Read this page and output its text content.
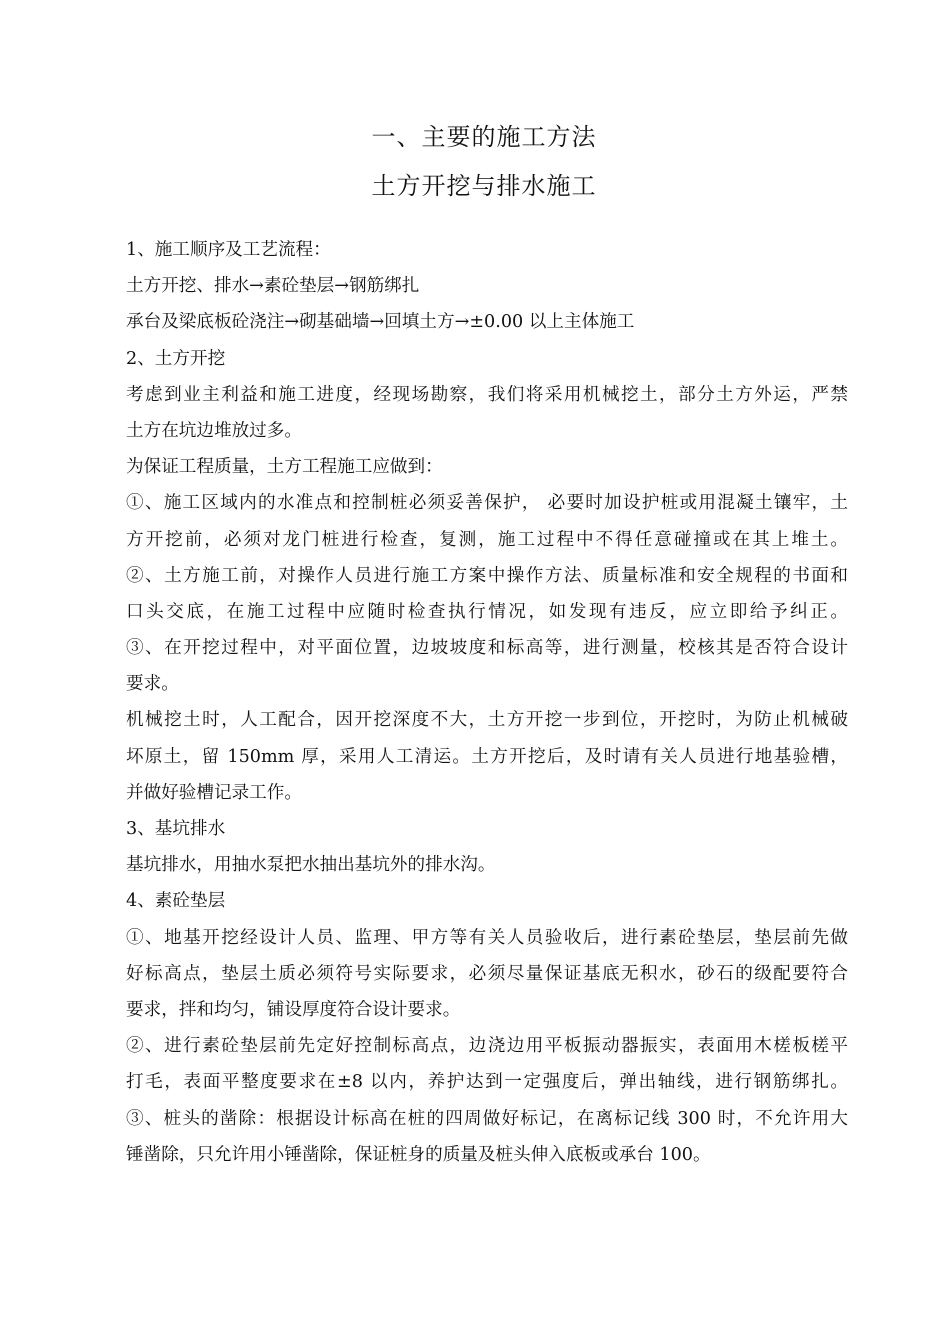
一、主要的施工方法
土方开挖与排水施工
1、施工顺序及工艺流程：
土方开挖、排水→素砼垫层→钢筋绑扎
承台及梁底板砼浇注→砌基础墙→回填土方→±0.00 以上主体施工
2、土方开挖
考虑到业主利益和施工进度，经现场勘察，我们将采用机械挖土，部分土方外运，严禁
土方在坑边堆放过多。
为保证工程质量，土方工程施工应做到：
①、施工区域内的水准点和控制桩必须妥善保护， 必要时加设护桩或用混凝土镶牢，土
方开挖前，必须对龙门桩进行检查，复测，施工过程中不得任意碰撞或在其上堆土。
②、土方施工前，对操作人员进行施工方案中操作方法、质量标准和安全规程的书面和
口头交底，在施工过程中应随时检查执行情况，如发现有违反，应立即给予纠正。
③、在开挖过程中，对平面位置，边坡坡度和标高等，进行测量，校核其是否符合设计
要求。
机械挖土时，人工配合，因开挖深度不大，土方开挖一步到位，开挖时，为防止机械破
坏原土，留 150mm 厚，采用人工清运。土方开挖后，及时请有关人员进行地基验槽，
并做好验槽记录工作。
3、基坑排水
基坑排水，用抽水泵把水抽出基坑外的排水沟。
4、素砼垫层
①、地基开挖经设计人员、监理、甲方等有关人员验收后，进行素砼垫层，垫层前先做
好标高点，垫层土质必须符号实际要求，必须尽量保证基底无积水，砂石的级配要符合
要求，拌和均匀，铺设厚度符合设计要求。
②、进行素砼垫层前先定好控制标高点，边浇边用平板振动器振实，表面用木槎板槎平
打毛，表面平整度要求在±8 以内，养护达到一定强度后，弹出轴线，进行钢筋绑扎。
③、桩头的凿除：根据设计标高在桩的四周做好标记，在离标记线 300 时，不允许用大
锤凿除，只允许用小锤凿除，保证桩身的质量及桩头伸入底板或承台 100。
